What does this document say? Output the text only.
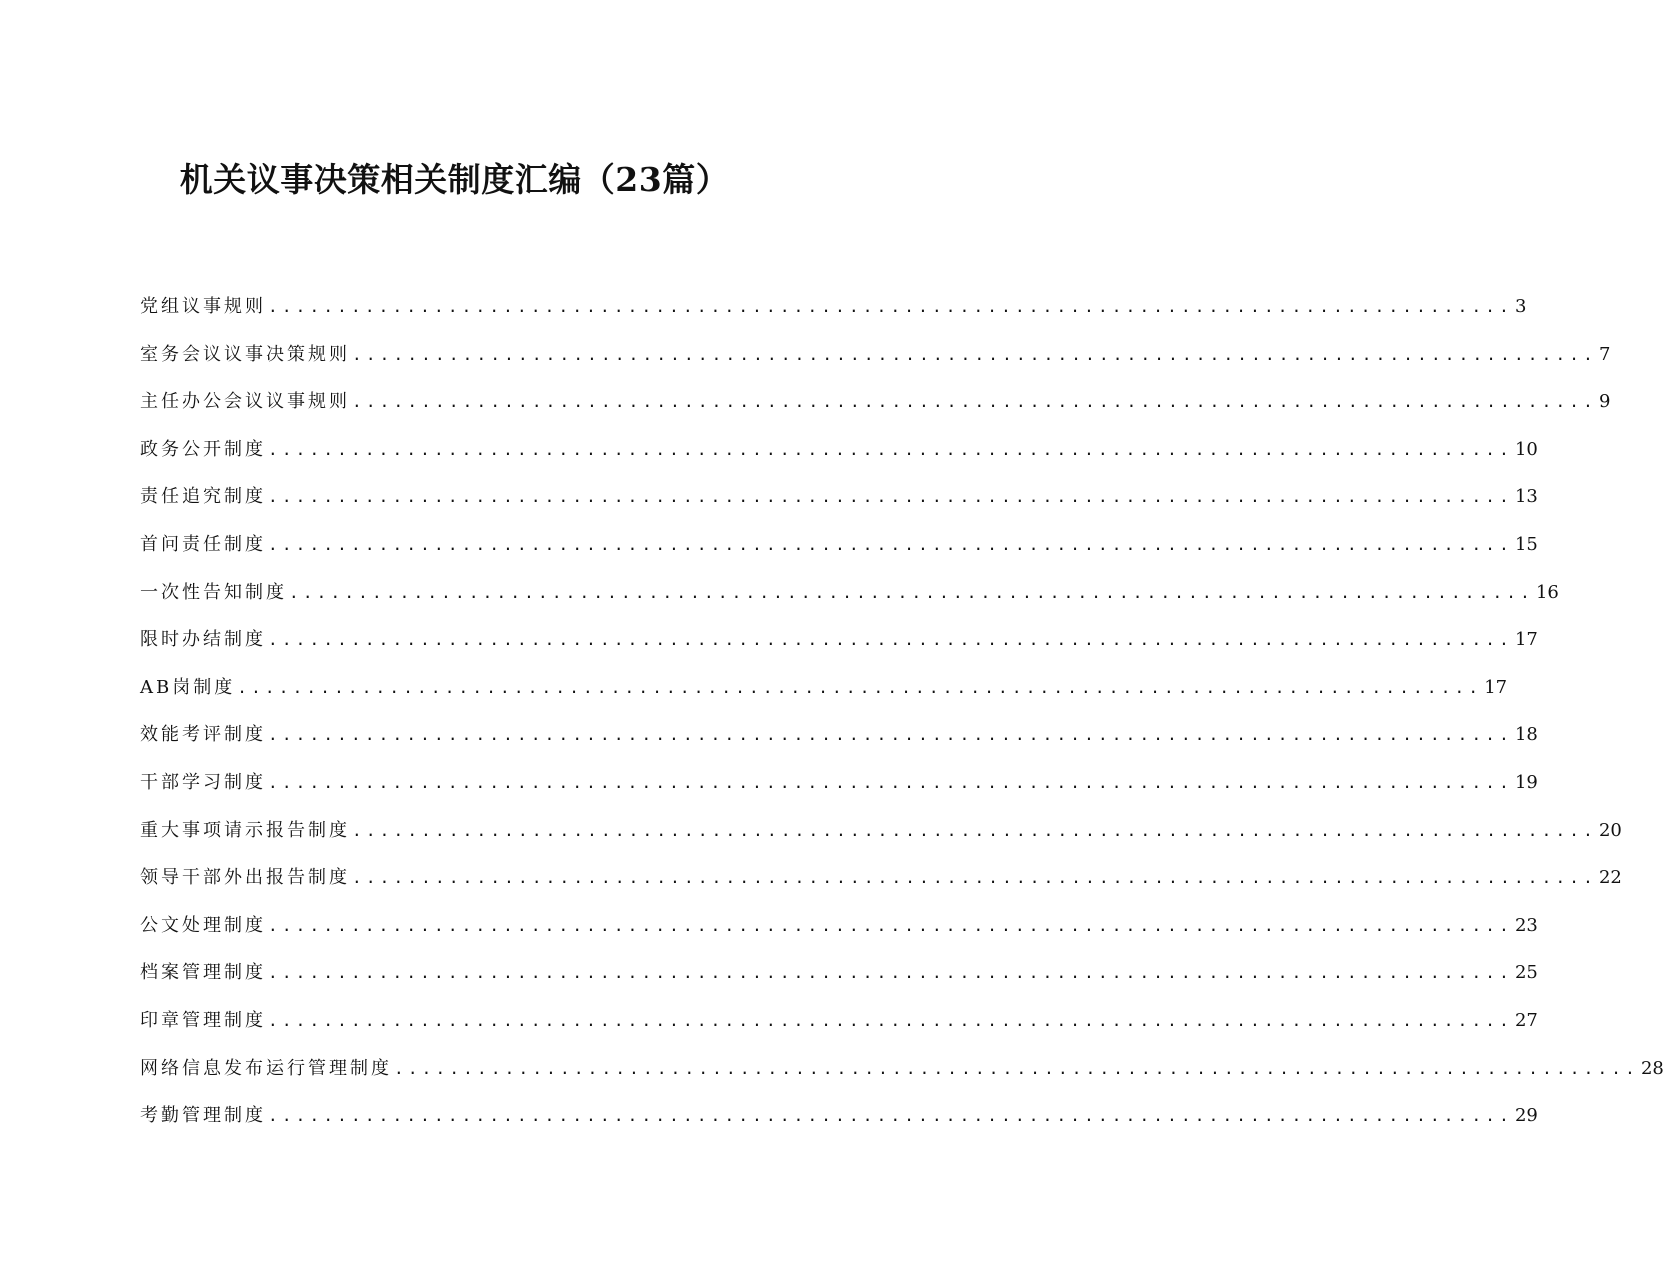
机关议事决策相关制度汇编（23篇）
党组议事规则 .......................................................................................... 3
室务会议议事决策规则 .......................................................................................... 7
主任办公会议议事规则 .......................................................................................... 9
政务公开制度 .......................................................................................... 10
责任追究制度 .......................................................................................... 13
首问责任制度 .......................................................................................... 15
一次性告知制度 .......................................................................................... 16
限时办结制度 .......................................................................................... 17
AB岗制度 .......................................................................................... 17
效能考评制度 .......................................................................................... 18
干部学习制度 .......................................................................................... 19
重大事项请示报告制度 .......................................................................................... 20
领导干部外出报告制度 .......................................................................................... 22
公文处理制度 .......................................................................................... 23
档案管理制度 .......................................................................................... 25
印章管理制度 .......................................................................................... 27
网络信息发布运行管理制度 .......................................................................................... 28
考勤管理制度 .......................................................................................... 29
